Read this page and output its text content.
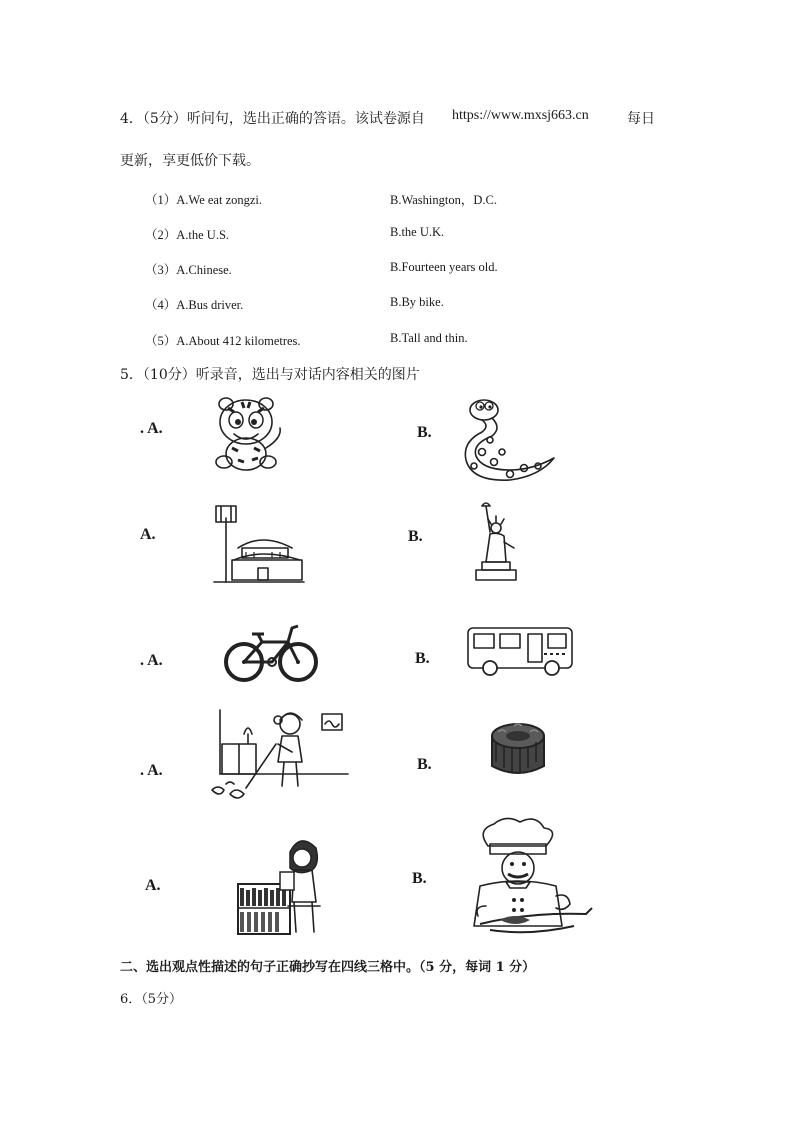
4．（5分）听问句，选出正确的答语。该试卷源自 https://www.mxsj663.cn	每日
更新，享更低价下载。
（1）A.We eat zongzi.	B.Washington，D.C.
（2）A.the U.S.	B.the U.K.
（3）A.Chinese.	B.Fourteen years old.
（4）A.Bus driver.	B.By bike.
（5）A.About 412 kilometres.	B.Tall and thin.
5．（10分）听录音，选出与对话内容相关的图片
. A.	B.
A.	B.
. A.	B.
. A.	B.
A.	B.
二、选出观点性描述的句子正确抄写在四线三格中。（5 分，每词 1 分）
6．（5分）
